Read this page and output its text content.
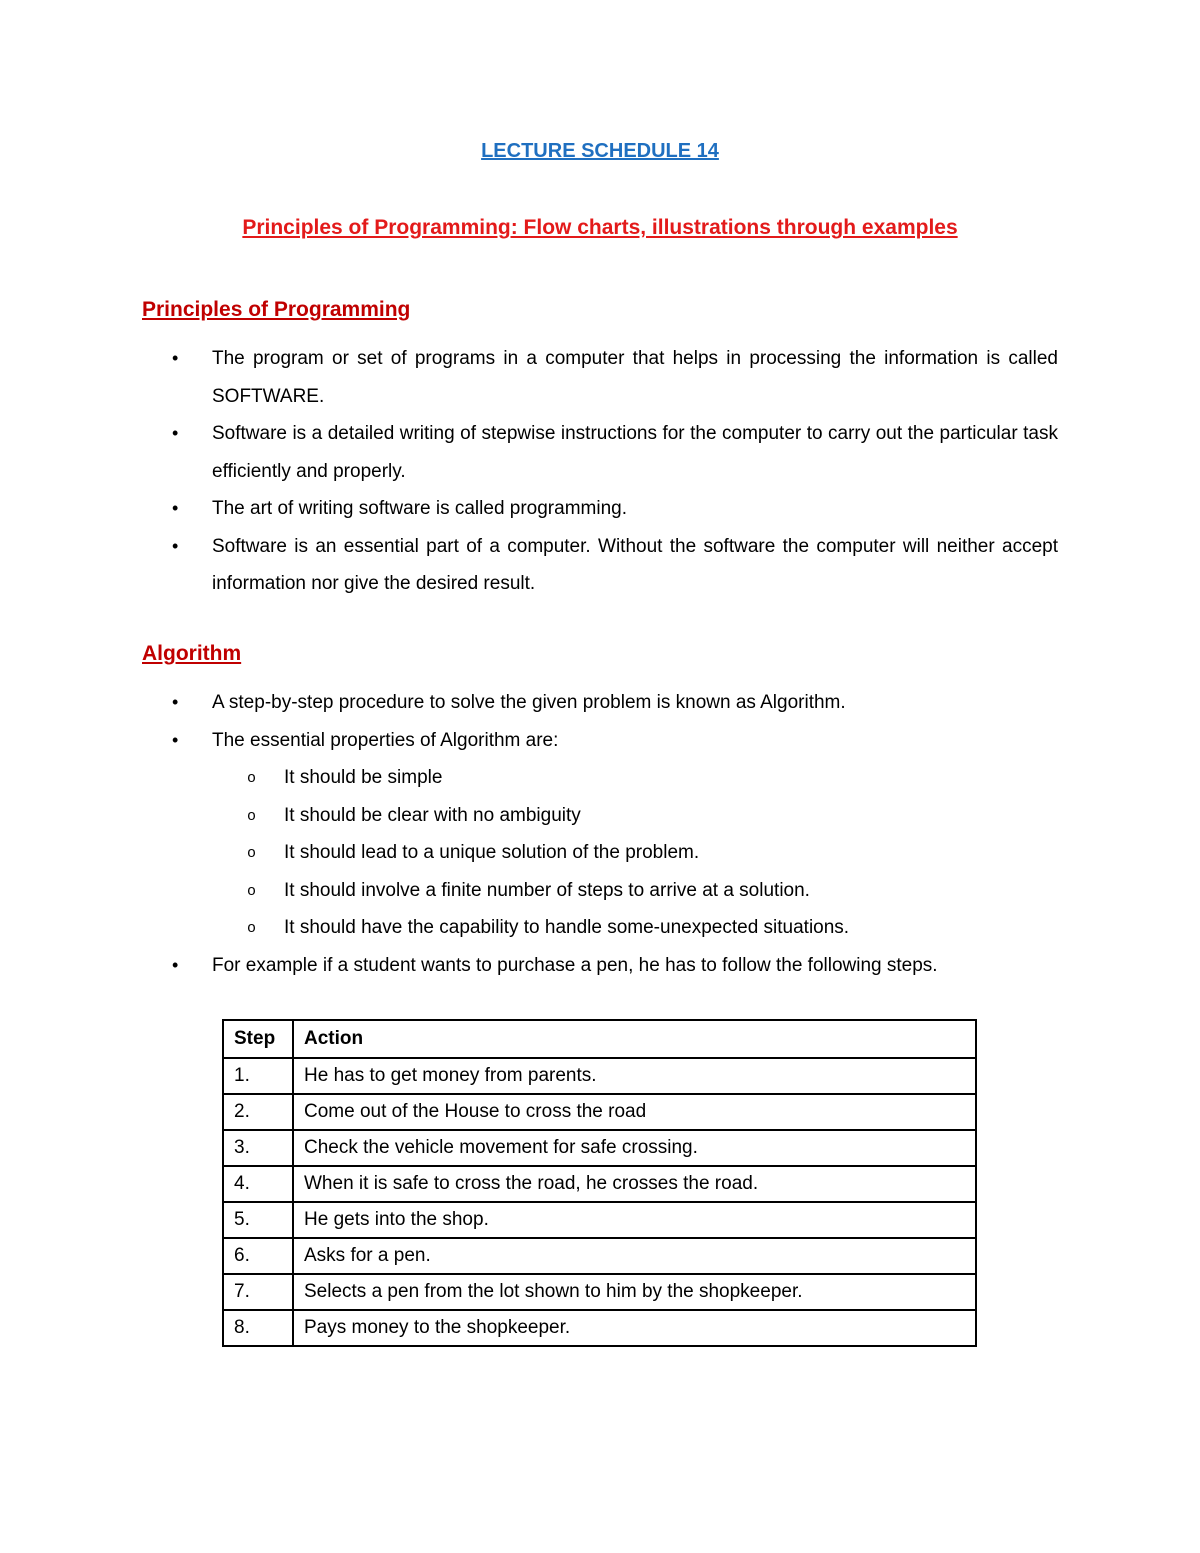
LECTURE SCHEDULE 14
Principles of Programming: Flow charts, illustrations through examples
Principles of Programming
• The program or set of programs in a computer that helps in processing the information is called SOFTWARE.
• Software is a detailed writing of stepwise instructions for the computer to carry out the particular task efficiently and properly.
• The art of writing software is called programming.
• Software is an essential part of a computer. Without the software the computer will neither accept information nor give the desired result.
Algorithm
• A step-by-step procedure to solve the given problem is known as Algorithm.
• The essential properties of Algorithm are:
o It should be simple
o It should be clear with no ambiguity
o It should lead to a unique solution of the problem.
o It should involve a finite number of steps to arrive at a solution.
o It should have the capability to handle some-unexpected situations.
• For example if a student wants to purchase a pen, he has to follow the following steps.
Step	Action
1.	He has to get money from parents.
2.	Come out of the House to cross the road
3.	Check the vehicle movement for safe crossing.
4.	When it is safe to cross the road, he crosses the road.
5.	He gets into the shop.
6.	Asks for a pen.
7.	Selects a pen from the lot shown to him by the shopkeeper.
8.	Pays money to the shopkeeper.
